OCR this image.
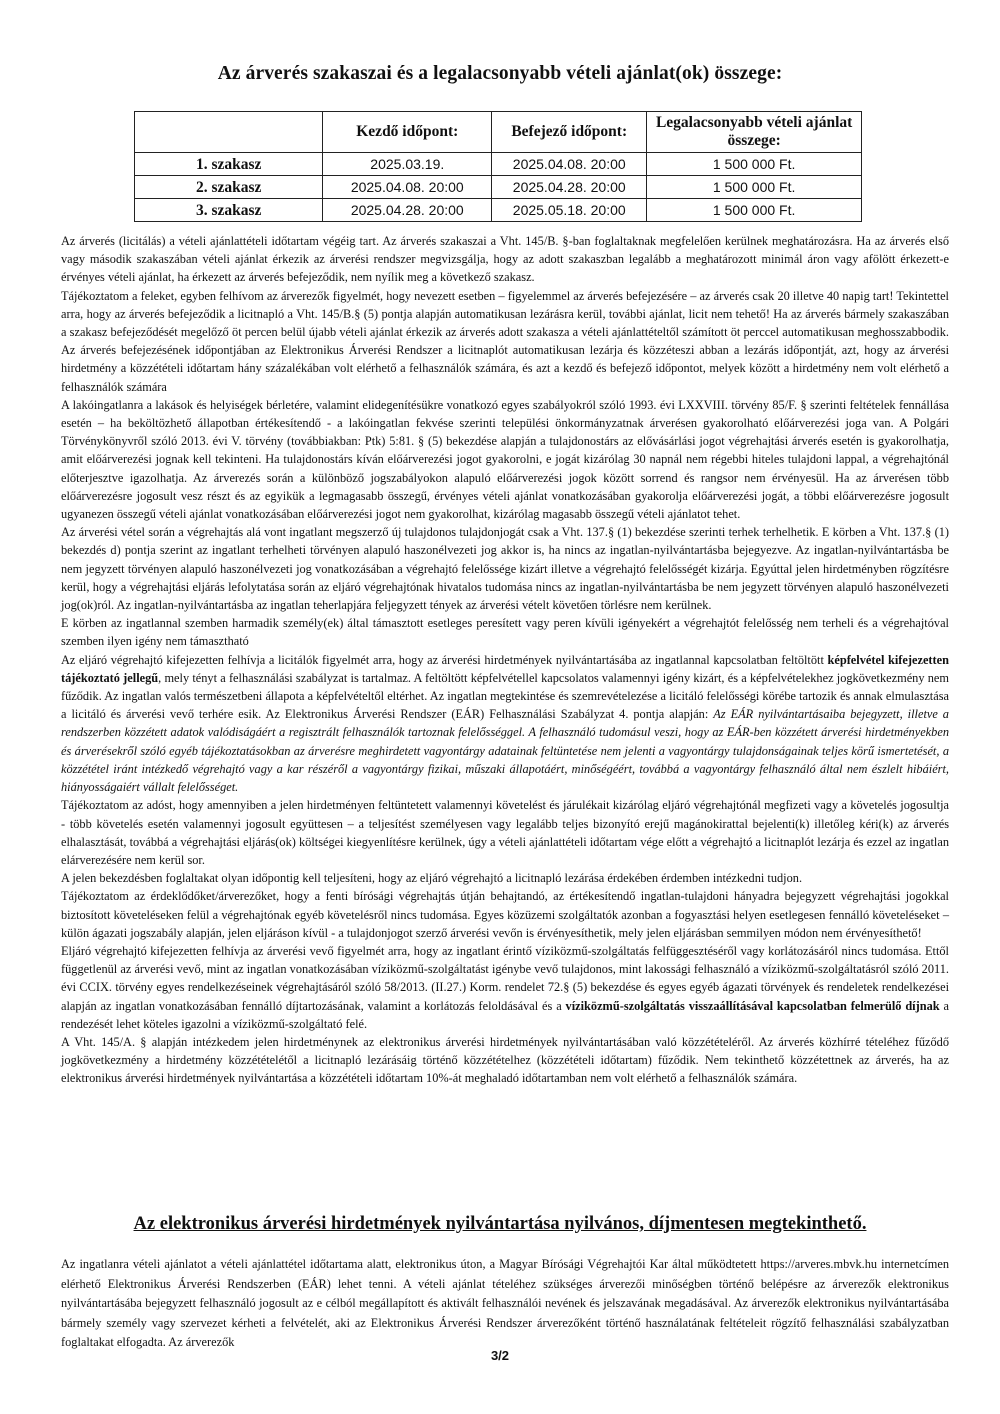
Az árverés szakaszai és a legalacsonyabb vételi ajánlat(ok) összege:
	Kezdő időpont:	Befejező időpont:	Legalacsonyabb vételi ajánlat összege:
1. szakasz	2025.03.19.	2025.04.08. 20:00	1 500 000 Ft.
2. szakasz	2025.04.08. 20:00	2025.04.28. 20:00	1 500 000 Ft.
3. szakasz	2025.04.28. 20:00	2025.05.18. 20:00	1 500 000 Ft.

Az árverés (licitálás) a vételi ajánlattételi időtartam végéig tart. Az árverés szakaszai a Vht. 145/B. §-ban foglaltaknak megfelelően kerülnek meghatározásra. Ha az árverés első vagy második szakaszában vételi ajánlat érkezik az árverési rendszer megvizsgálja, hogy az adott szakaszban legalább a meghatározott minimál áron vagy afölött érkezett-e érvényes vételi ajánlat, ha érkezett az árverés befejeződik, nem nyílik meg a következő szakasz.

Tájékoztatom a feleket, egyben felhívom az árverezők figyelmét, hogy nevezett esetben – figyelemmel az árverés befejezésére – az árverés csak 20 illetve 40 napig tart! Tekintettel arra, hogy az árverés befejeződik a licitnapló a Vht. 145/B.§ (5) pontja alapján automatikusan lezárásra kerül, további ajánlat, licit nem tehető! Ha az árverés bármely szakaszában a szakasz befejeződését megelőző öt percen belül újabb vételi ajánlat érkezik az árverés adott szakasza a vételi ajánlattételtől számított öt perccel automatikusan meghosszabbodik. Az árverés befejezésének időpontjában az Elektronikus Árverési Rendszer a licitnaplót automatikusan lezárja és közzéteszi abban a lezárás időpontját, azt, hogy az árverési hirdetmény a közzétételi időtartam hány százalékában volt elérhető a felhasználók számára, és azt a kezdő és befejező időpontot, melyek között a hirdetmény nem volt elérhető a felhasználók számára

A lakóingatlanra a lakások és helyiségek bérletére, valamint elidegenítésükre vonatkozó egyes szabályokról szóló 1993. évi LXXVIII. törvény 85/F. § szerinti feltételek fennállása esetén – ha beköltözhető állapotban értékesítendő - a lakóingatlan fekvése szerinti települési önkormányzatnak árverésen gyakorolható előárverezési joga van. A Polgári Törvénykönyvről szóló 2013. évi V. törvény (továbbiakban: Ptk) 5:81. § (5) bekezdése alapján a tulajdonostárs az elővásárlási jogot végrehajtási árverés esetén is gyakorolhatja, amit előárverezési jognak kell tekinteni. Ha tulajdonostárs kíván előárverezési jogot gyakorolni, e jogát kizárólag 30 napnál nem régebbi hiteles tulajdoni lappal, a végrehajtónál előterjesztve igazolhatja. Az árverezés során a különböző jogszabályokon alapuló előárverezési jogok között sorrend és rangsor nem érvényesül. Ha az árverésen több előárverezésre jogosult vesz részt és az egyikük a legmagasabb összegű, érvényes vételi ajánlat vonatkozásában gyakorolja előárverezési jogát, a többi előárverezésre jogosult ugyanezen összegű vételi ajánlat vonatkozásában előárverezési jogot nem gyakorolhat, kizárólag magasabb összegű vételi ajánlatot tehet.

Az árverési vétel során a végrehajtás alá vont ingatlant megszerző új tulajdonos tulajdonjogát csak a Vht. 137.§ (1) bekezdése szerinti terhek terhelhetik. E körben a Vht. 137.§ (1) bekezdés d) pontja szerint az ingatlant terhelheti törvényen alapuló haszonélvezeti jog akkor is, ha nincs az ingatlan-nyilvántartásba bejegyezve. Az ingatlan-nyilvántartásba be nem jegyzett törvényen alapuló haszonélvezeti jog vonatkozásában a végrehajtó felelőssége kizárt illetve a végrehajtó felelősségét kizárja. Egyúttal jelen hirdetményben rögzítésre kerül, hogy a végrehajtási eljárás lefolytatása során az eljáró végrehajtónak hivatalos tudomása nincs az ingatlan-nyilvántartásba be nem jegyzett törvényen alapuló haszonélvezeti jog(ok)ról. Az ingatlan-nyilvántartásba az ingatlan teherlapjára feljegyzett tények az árverési vételt követően törlésre nem kerülnek.

E körben az ingatlannal szemben harmadik személy(ek) által támasztott esetleges peresített vagy peren kívüli igényekért a végrehajtót felelősség nem terheli és a végrehajtóval szemben ilyen igény nem támasztható

Az eljáró végrehajtó kifejezetten felhívja a licitálók figyelmét arra, hogy az árverési hirdetmények nyilvántartásába az ingatlannal kapcsolatban feltöltött képfelvétel kifejezetten tájékoztató jellegű, mely tényt a felhasználási szabályzat is tartalmaz. A feltöltött képfelvétellel kapcsolatos valamennyi igény kizárt, és a képfelvételekhez jogkövetkezmény nem fűződik. Az ingatlan valós természetbeni állapota a képfelvételtől eltérhet. Az ingatlan megtekintése és szemrevételezése a licitáló felelősségi körébe tartozik és annak elmulasztása a licitáló és árverési vevő terhére esik. Az Elektronikus Árverési Rendszer (EÁR) Felhasználási Szabályzat 4. pontja alapján: Az EÁR nyilvántartásaiba bejegyzett, illetve a rendszerben közzétett adatok valódiságáért a regisztrált felhasználók tartoznak felelősséggel. A felhasználó tudomásul veszi, hogy az EÁR-ben közzétett árverési hirdetményekben és árverésekről szóló egyéb tájékoztatásokban az árverésre meghirdetett vagyontárgy adatainak feltüntetése nem jelenti a vagyontárgy tulajdonságainak teljes körű ismertetését, a közzététel iránt intézkedő végrehajtó vagy a kar részéről a vagyontárgy fizikai, műszaki állapotáért, minőségéért, továbbá a vagyontárgy felhasználó által nem észlelt hibáiért, hiányosságaiért vállalt felelősséget.

Tájékoztatom az adóst, hogy amennyiben a jelen hirdetményen feltüntetett valamennyi követelést és járulékait kizárólag eljáró végrehajtónál megfizeti vagy a követelés jogosultja - több követelés esetén valamennyi jogosult együttesen – a teljesítést személyesen vagy legalább teljes bizonyító erejű magánokirattal bejelenti(k) illetőleg kéri(k) az árverés elhalasztását, továbbá a végrehajtási eljárás(ok) költségei kiegyenlítésre kerülnek, úgy a vételi ajánlattételi időtartam vége előtt a végrehajtó a licitnaplót lezárja és ezzel az ingatlan elárverezésére nem kerül sor.

A jelen bekezdésben foglaltakat olyan időpontig kell teljesíteni, hogy az eljáró végrehajtó a licitnapló lezárása érdekében érdemben intézkedni tudjon.

Tájékoztatom az érdeklődőket/árverezőket, hogy a fenti bírósági végrehajtás útján behajtandó, az értékesítendő ingatlan-tulajdoni hányadra bejegyzett végrehajtási jogokkal biztosított követeléseken felül a végrehajtónak egyéb követelésről nincs tudomása. Egyes közüzemi szolgáltatók azonban a fogyasztási helyen esetlegesen fennálló követeléseket – külön ágazati jogszabály alapján, jelen eljáráson kívül - a tulajdonjogot szerző árverési vevőn is érvényesíthetik, mely jelen eljárásban semmilyen módon nem érvényesíthető!

Eljáró végrehajtó kifejezetten felhívja az árverési vevő figyelmét arra, hogy az ingatlant érintő víziközmű-szolgáltatás felfüggesztéséről vagy korlátozásáról nincs tudomása. Ettől függetlenül az árverési vevő, mint az ingatlan vonatkozásában víziközmű-szolgáltatást igénybe vevő tulajdonos, mint lakossági felhasználó a víziközmű-szolgáltatásról szóló 2011. évi CCIX. törvény egyes rendelkezéseinek végrehajtásáról szóló 58/2013. (II.27.) Korm. rendelet 72.§ (5) bekezdése és egyes egyéb ágazati törvények és rendeletek rendelkezései alapján az ingatlan vonatkozásában fennálló díjtartozásának, valamint a korlátozás feloldásával és a víziközmű-szolgáltatás visszaállításával kapcsolatban felmerülő díjnak a rendezését lehet köteles igazolni a víziközmű-szolgáltató felé.

A Vht. 145/A. § alapján intézkedem jelen hirdetménynek az elektronikus árverési hirdetmények nyilvántartásában való közzétételéről. Az árverés közhírré tételéhez fűződő jogkövetkezmény a hirdetmény közzétételétől a licitnapló lezárásáig történő közzétételhez (közzétételi időtartam) fűződik. Nem tekinthető közzétettnek az árverés, ha az elektronikus árverési hirdetmények nyilvántartása a közzétételi időtartam 10%-át meghaladó időtartamban nem volt elérhető a felhasználók számára.

Az elektronikus árverési hirdetmények nyilvántartása nyilvános, díjmentesen megtekinthető.

Az ingatlanra vételi ajánlatot a vételi ajánlattétel időtartama alatt, elektronikus úton, a Magyar Bírósági Végrehajtói Kar által működtetett https://arveres.mbvk.hu internetcímen elérhető Elektronikus Árverési Rendszerben (EÁR) lehet tenni. A vételi ajánlat tételéhez szükséges árverezői minőségben történő belépésre az árverezők elektronikus nyilvántartásába bejegyzett felhasználó jogosult az e célból megállapított és aktivált felhasználói nevének és jelszavának megadásával. Az árverezők elektronikus nyilvántartásába bármely személy vagy szervezet kérheti a felvételét, aki az Elektronikus Árverési Rendszer árverezőként történő használatának feltételeit rögzítő felhasználási szabályzatban foglaltakat elfogadta. Az árverezők

3/2
